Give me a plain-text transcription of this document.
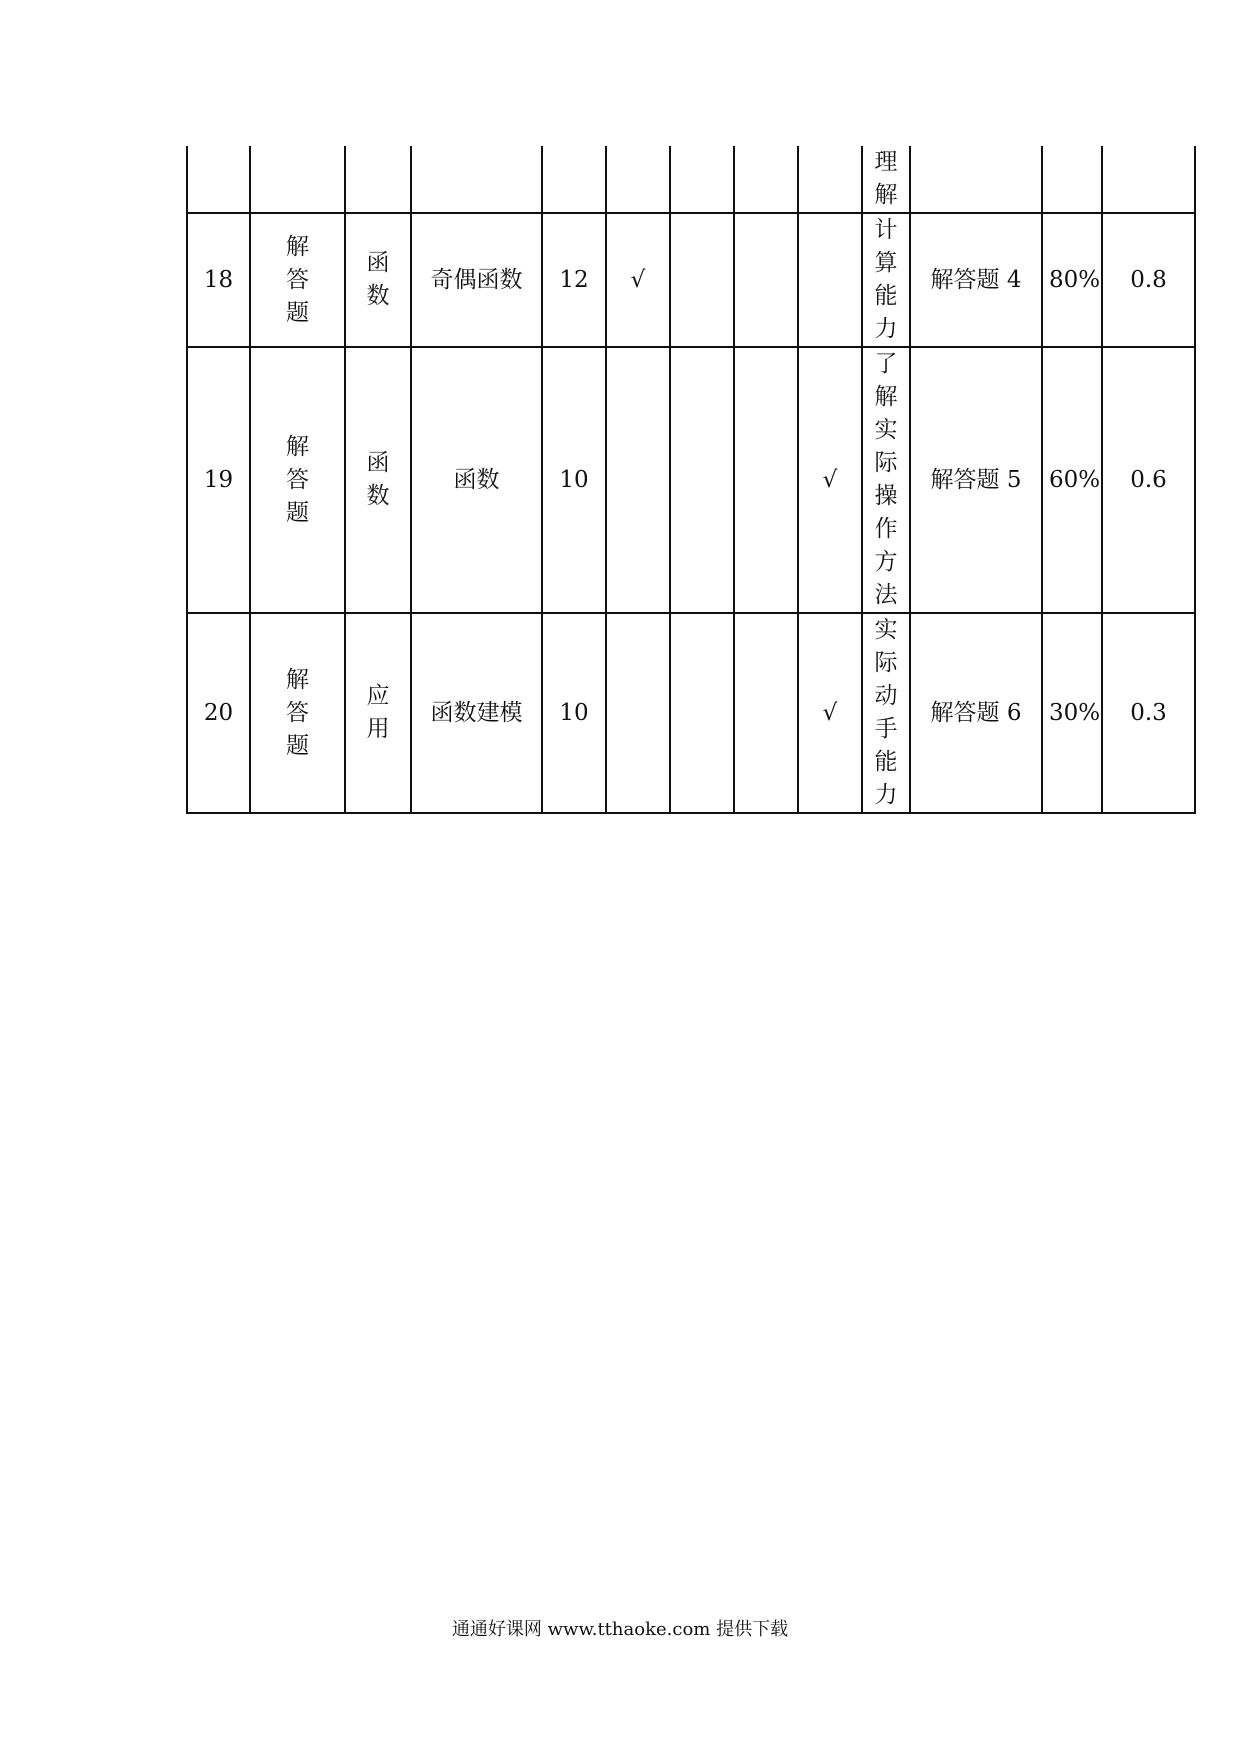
									理解			

18	解答题	函数	奇偶函数	12	√				计算能力	解答题 4	80%	0.8
19	解答题	函数	函数	10				√	了解实际操作方法	解答题 5	60%	0.6
20	解答题	应用	函数建模	10				√	实际动手能力	解答题 6	30%	0.3
通通好课网 www.tthaoke.com 提供下载
